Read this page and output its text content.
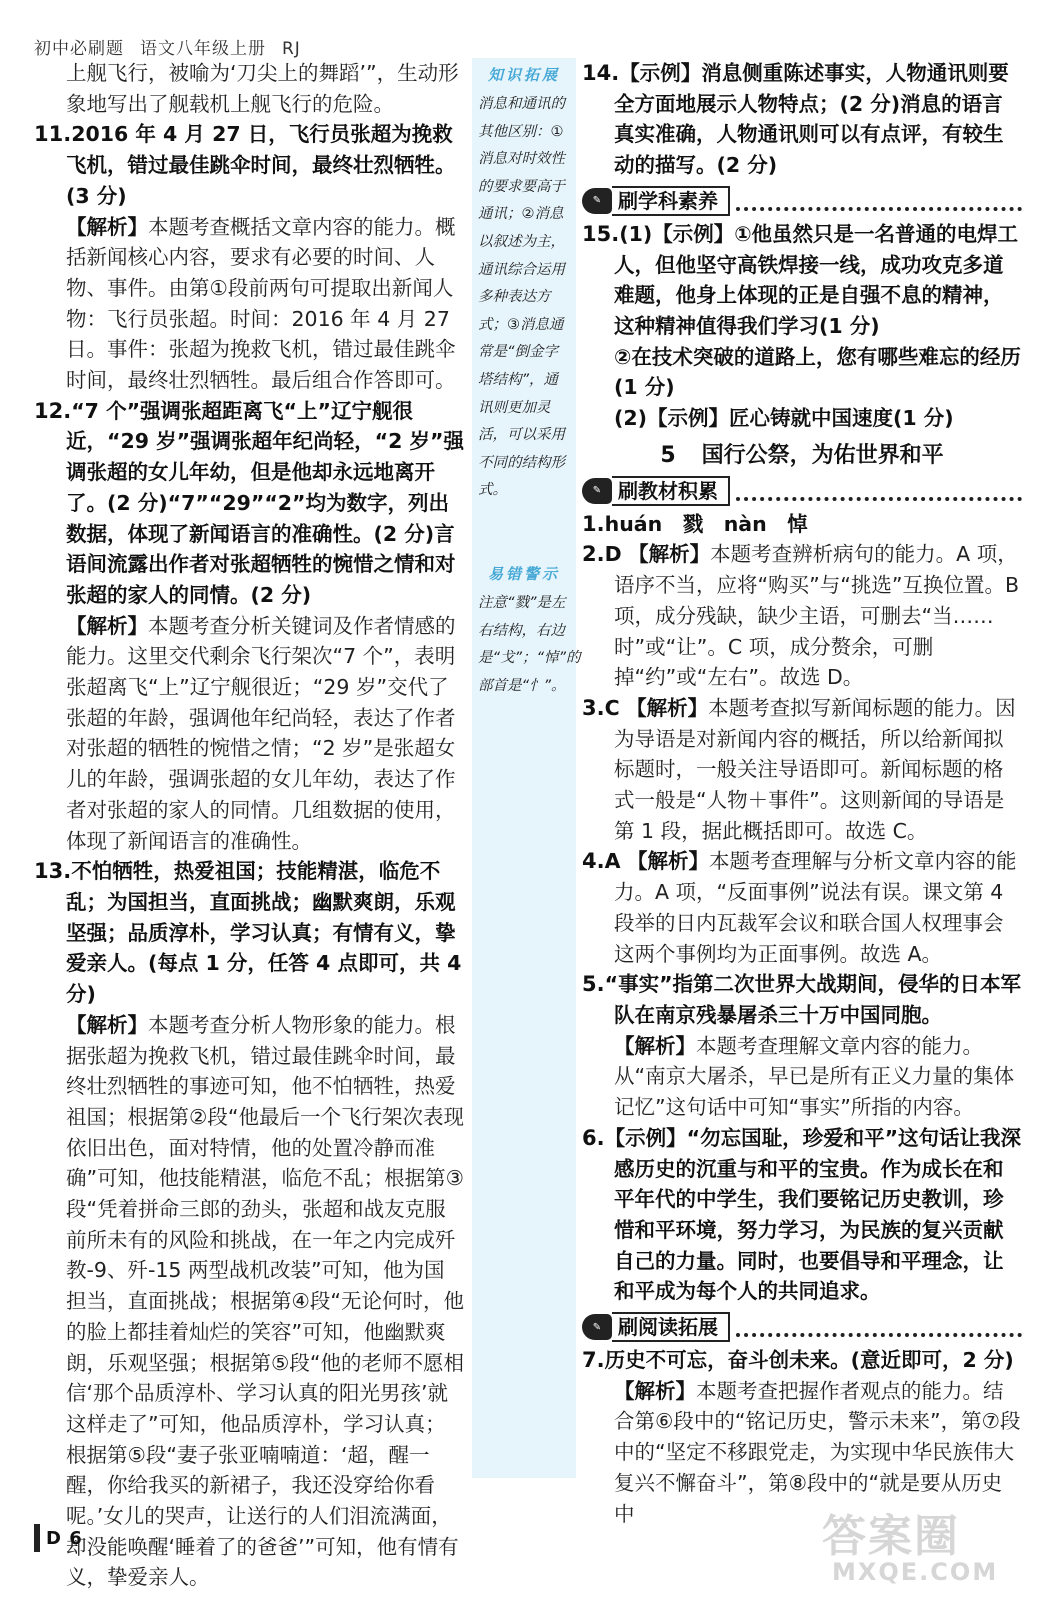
初中必刷题 语文八年级上册 RJ

上舰飞行，被喻为‘刀尖上的舞蹈’”，生动形象地写出了舰载机上舰飞行的危险。

11.2016 年 4 月 27 日，飞行员张超为挽救飞机，错过最佳跳伞时间，最终壮烈牺牲。(3 分)

【解析】本题考查概括文章内容的能力。概括新闻核心内容，要求有必要的时间、人物、事件。由第①段前两句可提取出新闻人物：飞行员张超。时间：2016 年 4 月 27 日。事件：张超为挽救飞机，错过最佳跳伞时间，最终壮烈牺牲。最后组合作答即可。

12.“7 个”强调张超距离飞“上”辽宁舰很近，“29 岁”强调张超年纪尚轻，“2 岁”强调张超的女儿年幼，但是他却永远地离开了。(2 分)“7”“29”“2”均为数字，列出数据，体现了新闻语言的准确性。(2 分)言语间流露出作者对张超牺牲的惋惜之情和对张超的家人的同情。(2 分)

【解析】本题考查分析关键词及作者情感的能力。这里交代剩余飞行架次“7 个”，表明张超离飞“上”辽宁舰很近；“29 岁”交代了张超的年龄，强调他年纪尚轻，表达了作者对张超的牺牲的惋惜之情；“2 岁”是张超女儿的年龄，强调张超的女儿年幼，表达了作者对张超的家人的同情。几组数据的使用，体现了新闻语言的准确性。

13.不怕牺牲，热爱祖国；技能精湛，临危不乱；为国担当，直面挑战；幽默爽朗，乐观坚强；品质淳朴，学习认真；有情有义，挚爱亲人。(每点 1 分，任答 4 点即可，共 4 分)

【解析】本题考查分析人物形象的能力。根据张超为挽救飞机，错过最佳跳伞时间，最终壮烈牺牲的事迹可知，他不怕牺牲，热爱祖国；根据第②段“他最后一个飞行架次表现依旧出色，面对特情，他的处置冷静而准确”可知，他技能精湛，临危不乱；根据第③段“凭着拼命三郎的劲头，张超和战友克服前所未有的风险和挑战，在一年之内完成歼教-9、歼-15 两型战机改装”可知，他为国担当，直面挑战；根据第④段“无论何时，他的脸上都挂着灿烂的笑容”可知，他幽默爽朗，乐观坚强；根据第⑤段“他的老师不愿相信‘那个品质淳朴、学习认真的阳光男孩’就这样走了”可知，他品质淳朴，学习认真；根据第⑤段“妻子张亚喃喃道：‘超，醒一醒，你给我买的新裙子，我还没穿给你看呢。’女儿的哭声，让送行的人们泪流满面，却没能唤醒‘睡着了的爸爸’”可知，他有情有义，挚爱亲人。

知识拓展
消息和通讯的其他区别：①消息对时效性的要求要高于通讯；②消息以叙述为主，通讯综合运用多种表达方式；③消息通常是“倒金字塔结构”，通讯则更加灵活，可以采用不同的结构形式。
易错警示
注意“戮”是左右结构，右边是“戈”；“悼”的部首是“忄”。

14.【示例】消息侧重陈述事实，人物通讯则要全方面地展示人物特点；(2 分)消息的语言真实准确，人物通讯则可以有点评，有较生动的描写。(2 分)

✎ 刷学科素养

15.(1)【示例】①他虽然只是一名普通的电焊工人，但他坚守高铁焊接一线，成功攻克多道难题，他身上体现的正是自强不息的精神，这种精神值得我们学习(1 分)

②在技术突破的道路上，您有哪些难忘的经历(1 分)

(2)【示例】匠心铸就中国速度(1 分)

5 国行公祭，为佑世界和平
✎ 刷教材积累

1.huán　戮　nàn　悼

2.D 【解析】本题考查辨析病句的能力。A 项，语序不当，应将“购买”与“挑选”互换位置。B 项，成分残缺，缺少主语，可删去“当……时”或“让”。C 项，成分赘余，可删掉“约”或“左右”。故选 D。

3.C 【解析】本题考查拟写新闻标题的能力。因为导语是对新闻内容的概括，所以给新闻拟标题时，一般关注导语即可。新闻标题的格式一般是“人物＋事件”。这则新闻的导语是第 1 段，据此概括即可。故选 C。

4.A 【解析】本题考查理解与分析文章内容的能力。A 项，“反面事例”说法有误。课文第 4 段举的日内瓦裁军会议和联合国人权理事会这两个事例均为正面事例。故选 A。

5.“事实”指第二次世界大战期间，侵华的日本军队在南京残暴屠杀三十万中国同胞。

【解析】本题考查理解文章内容的能力。从“南京大屠杀，早已是所有正义力量的集体记忆”这句话中可知“事实”所指的内容。

6.【示例】“勿忘国耻，珍爱和平”这句话让我深感历史的沉重与和平的宝贵。作为成长在和平年代的中学生，我们要铭记历史教训，珍惜和平环境，努力学习，为民族的复兴贡献自己的力量。同时，也要倡导和平理念，让和平成为每个人的共同追求。

✎ 刷阅读拓展

7.历史不可忘，奋斗创未来。(意近即可，2 分)

【解析】本题考查把握作者观点的能力。结合第⑥段中的“铭记历史，警示未来”，第⑦段中的“坚定不移跟党走，为实现中华民族伟大复兴不懈奋斗”，第⑧段中的“就是要从历史中

D 6	答案圈
MXQE.COM
